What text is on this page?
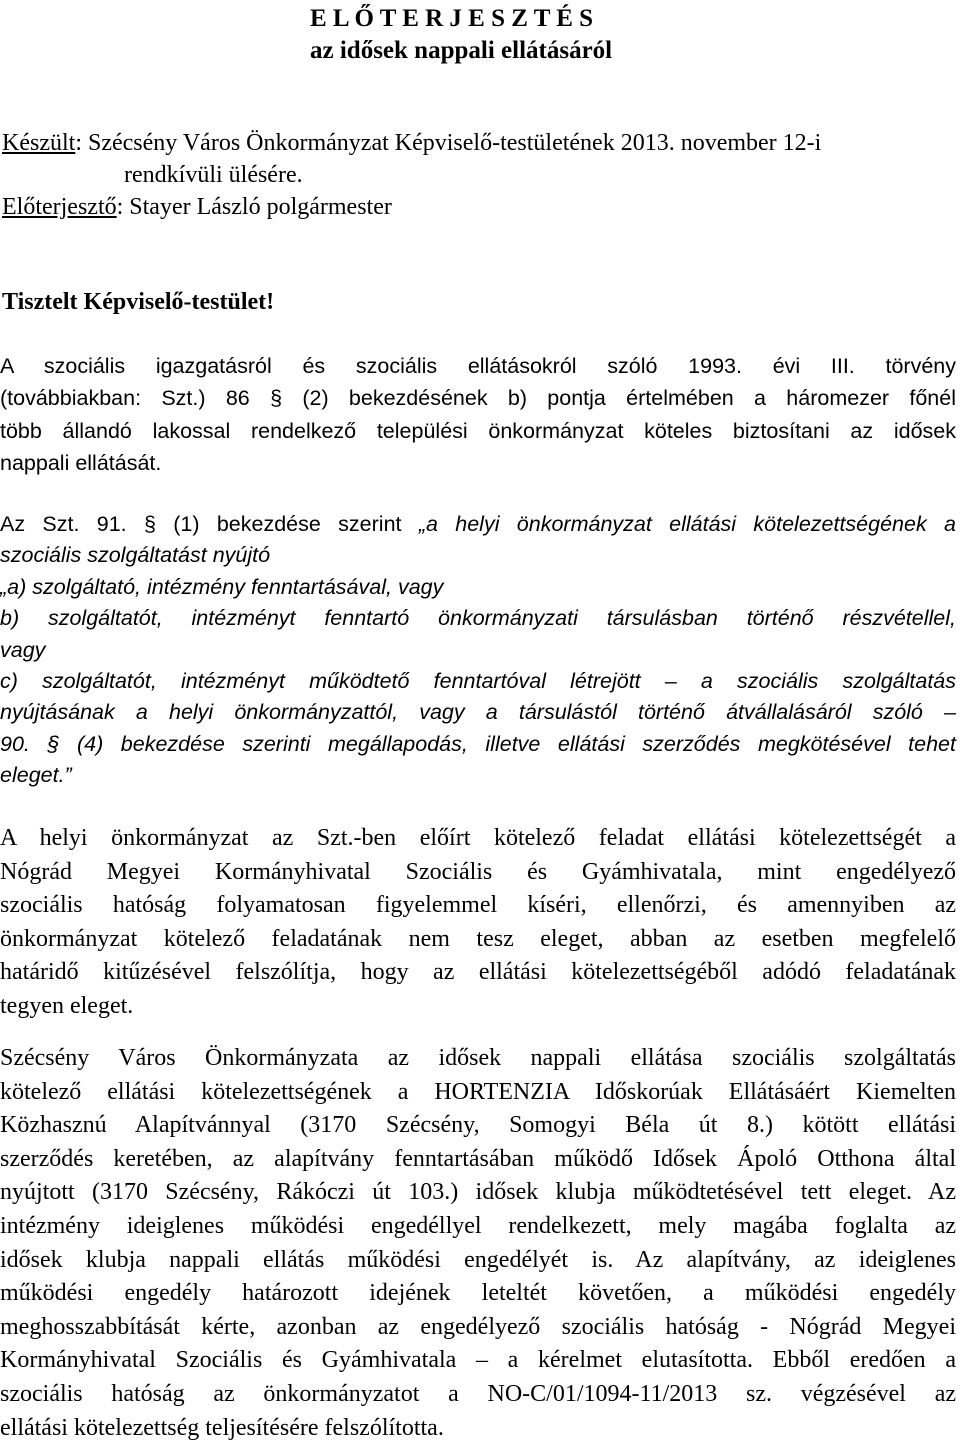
E L Ő T E R J E S Z T É S
az idősek nappali ellátásáról
Készült: Szécsény Város Önkormányzat Képviselő-testületének 2013. november 12-i
rendkívüli ülésére.
Előterjesztő: Stayer László polgármester
Tisztelt Képviselő-testület!
A szociális igazgatásról és szociális ellátásokról szóló 1993. évi III. törvény
(továbbiakban: Szt.) 86 § (2) bekezdésének b) pontja értelmében a háromezer főnél
több állandó lakossal rendelkező települési önkormányzat köteles biztosítani az idősek
nappali ellátását.
Az Szt. 91. § (1) bekezdése szerint „a helyi önkormányzat ellátási kötelezettségének a
szociális szolgáltatást nyújtó
„a) szolgáltató, intézmény fenntartásával, vagy
b) szolgáltatót, intézményt fenntartó önkormányzati társulásban történő részvétellel,
vagy
c) szolgáltatót, intézményt működtető fenntartóval létrejött – a szociális szolgáltatás
nyújtásának a helyi önkormányzattól, vagy a társulástól történő átvállalásáról szóló –
90. § (4) bekezdése szerinti megállapodás, illetve ellátási szerződés megkötésével tehet
eleget.”
A helyi önkormányzat az Szt.-ben előírt kötelező feladat ellátási kötelezettségét a
Nógrád Megyei Kormányhivatal Szociális és Gyámhivatala, mint engedélyező
szociális hatóság folyamatosan figyelemmel kíséri, ellenőrzi, és amennyiben az
önkormányzat kötelező feladatának nem tesz eleget, abban az esetben megfelelő
határidő kitűzésével felszólítja, hogy az ellátási kötelezettségéből adódó feladatának
tegyen eleget.
Szécsény Város Önkormányzata az idősek nappali ellátása szociális szolgáltatás
kötelező ellátási kötelezettségének a HORTENZIA Időskorúak Ellátásáért Kiemelten
Közhasznú Alapítvánnyal (3170 Szécsény, Somogyi Béla út 8.) kötött ellátási
szerződés keretében, az alapítvány fenntartásában működő Idősek Ápoló Otthona által
nyújtott (3170 Szécsény, Rákóczi út 103.) idősek klubja működtetésével tett eleget. Az
intézmény ideiglenes működési engedéllyel rendelkezett, mely magába foglalta az
idősek klubja nappali ellátás működési engedélyét is. Az alapítvány, az ideiglenes
működési engedély határozott idejének leteltét követően, a működési engedély
meghosszabbítását kérte, azonban az engedélyező szociális hatóság - Nógrád Megyei
Kormányhivatal Szociális és Gyámhivatala – a kérelmet elutasította. Ebből eredően a
szociális hatóság az önkormányzatot a NO-C/01/1094-11/2013 sz. végzésével az
ellátási kötelezettség teljesítésére felszólította.
